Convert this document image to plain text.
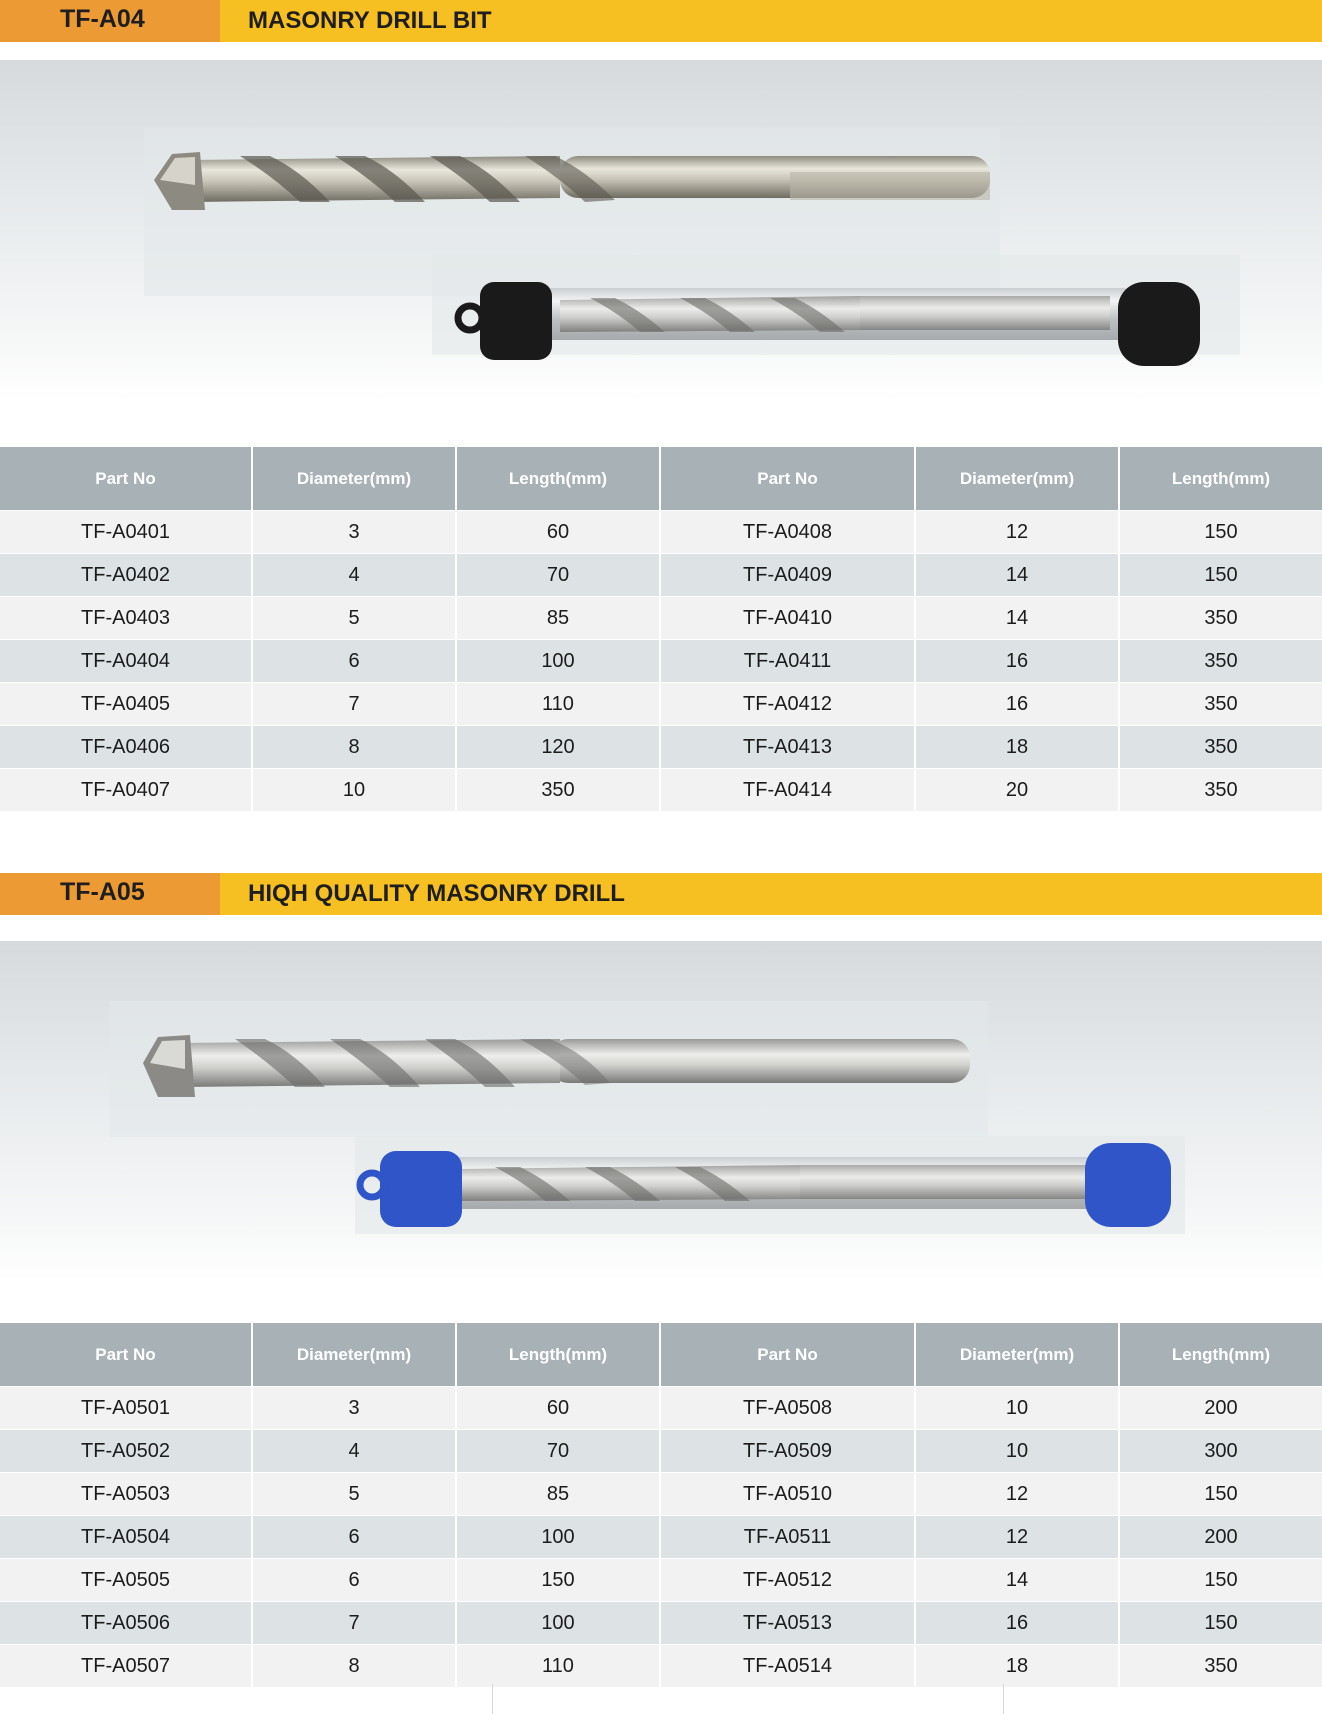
TF-A04	MASONRY DRILL BIT
Part No	Diameter(mm)	Length(mm)	Part No	Diameter(mm)	Length(mm)
TF-A0401	3	60	TF-A0408	12	150
TF-A0402	4	70	TF-A0409	14	150
TF-A0403	5	85	TF-A0410	14	350
TF-A0404	6	100	TF-A0411	16	350
TF-A0405	7	110	TF-A0412	16	350
TF-A0406	8	120	TF-A0413	18	350
TF-A0407	10	350	TF-A0414	20	350
TF-A05	HIQH QUALITY MASONRY DRILL
Part No	Diameter(mm)	Length(mm)	Part No	Diameter(mm)	Length(mm)
TF-A0501	3	60	TF-A0508	10	200
TF-A0502	4	70	TF-A0509	10	300
TF-A0503	5	85	TF-A0510	12	150
TF-A0504	6	100	TF-A0511	12	200
TF-A0505	6	150	TF-A0512	14	150
TF-A0506	7	100	TF-A0513	16	150
TF-A0507	8	110	TF-A0514	18	350
